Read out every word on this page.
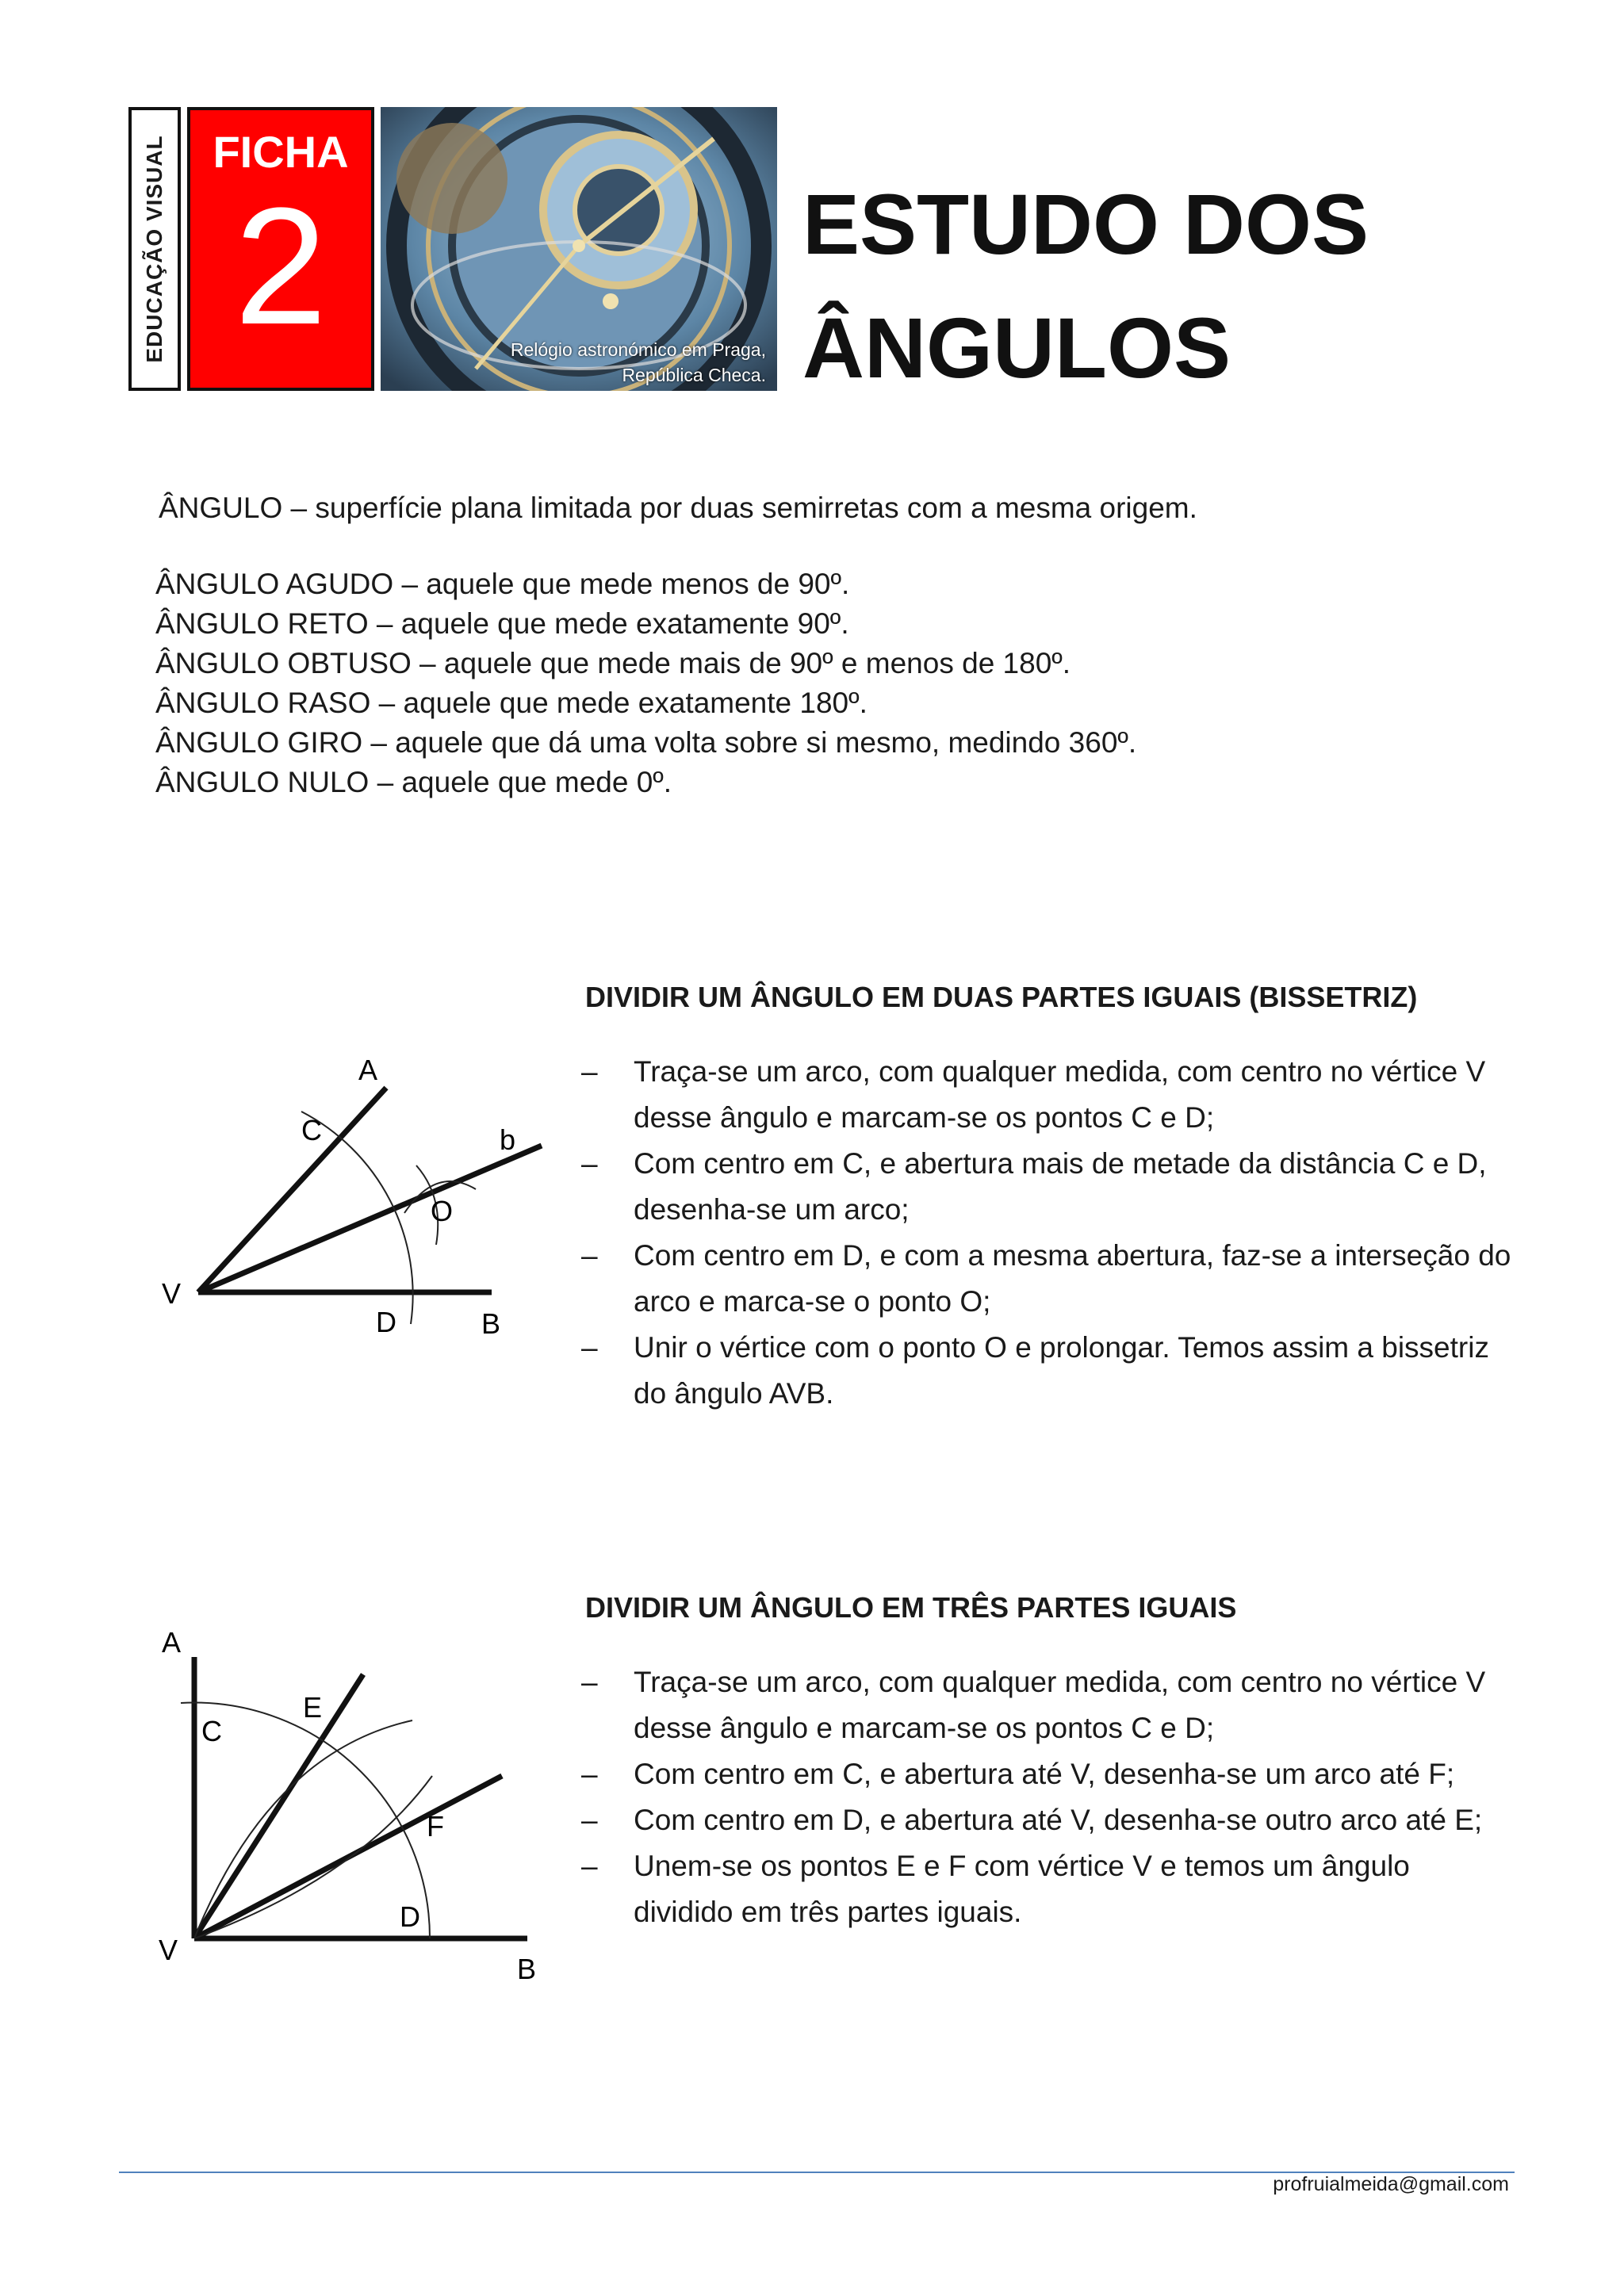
EDUCAÇÃO VISUAL	FICHA
2	Relógio astronómico em Praga,
República Checa.
ESTUDO DOS
ÂNGULOS
ÂNGULO – superfície plana limitada por duas semirretas com a mesma origem.
ÂNGULO AGUDO – aquele que mede menos de 90º.
ÂNGULO RETO – aquele que mede exatamente 90º.
ÂNGULO OBTUSO – aquele que mede mais de 90º e menos de 180º.
ÂNGULO RASO – aquele que mede exatamente 180º.
ÂNGULO GIRO – aquele que dá uma volta sobre si mesmo, medindo 360º.
ÂNGULO NULO – aquele que mede 0º.
DIVIDIR UM ÂNGULO EM DUAS PARTES IGUAIS (BISSETRIZ)
– Traça-se um arco, com qualquer medida, com centro no vértice V desse ângulo e marcam-se os pontos C e D;
– Com centro em C, e abertura mais de metade da distância C e D, desenha-se um arco;
– Com centro em D, e com a mesma abertura, faz-se a interseção do arco e marca-se o ponto O;
– Unir o vértice com o ponto O e prolongar. Temos assim a bissetriz do ângulo AVB.
A
C	b
O
V
D	B
DIVIDIR UM ÂNGULO EM TRÊS PARTES IGUAIS
– Traça-se um arco, com qualquer medida, com centro no vértice V desse ângulo e marcam-se os pontos C e D;
– Com centro em C, e abertura até V, desenha-se um arco até F;
– Com centro em D, e abertura até V, desenha-se outro arco até E;
– Unem-se os pontos E e F com vértice V e temos um ângulo dividido em três partes iguais.
A
E
C
F
D
V
B
profruialmeida@gmail.com
